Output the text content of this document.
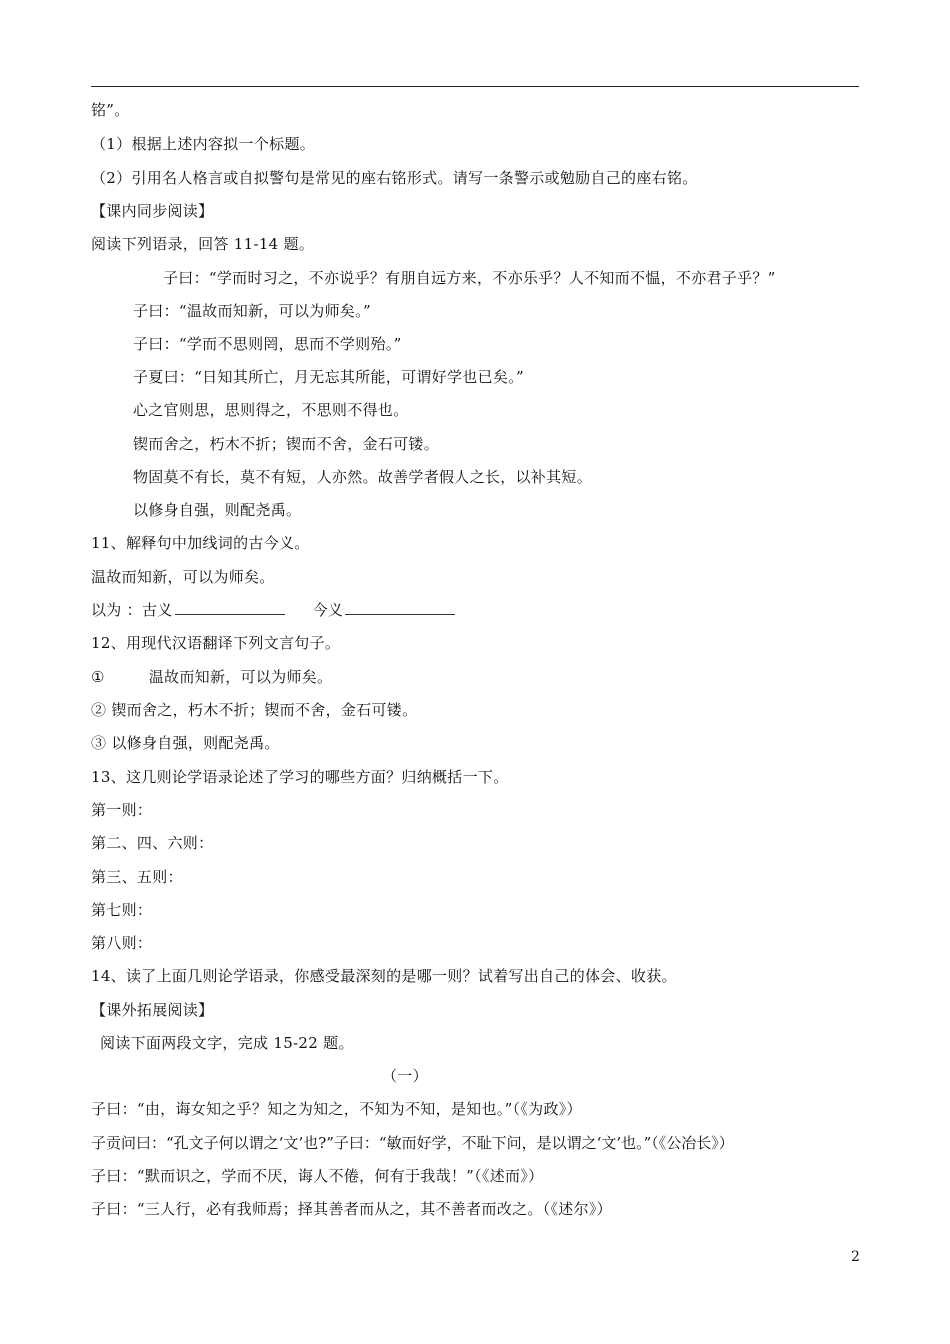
铭”。
（1）根据上述内容拟一个标题。
（2）引用名人格言或自拟警句是常见的座右铭形式。请写一条警示或勉励自己的座右铭。
【课内同步阅读】
阅读下列语录，回答 11-14 题。
子曰：“学而时习之，不亦说乎？有朋自远方来，不亦乐乎？人不知而不愠，不亦君子乎？”
子曰：“温故而知新，可以为师矣。”
子曰：“学而不思则罔，思而不学则殆。”
子夏曰：“日知其所亡，月无忘其所能，可谓好学也已矣。”
心之官则思，思则得之，不思则不得也。
锲而舍之，朽木不折；锲而不舍，金石可镂。
物固莫不有长，莫不有短，人亦然。故善学者假人之长，以补其短。
以修身自强，则配尧禹。
11、解释句中加线词的古今义。
温故而知新，可以为师矣。
以为 ：古义	今义
12、用现代汉语翻译下列文言句子。
①	温故而知新，可以为师矣。
② 锲而舍之，朽木不折；锲而不舍，金石可镂。
③ 以修身自强，则配尧禹。
13、这几则论学语录论述了学习的哪些方面？归纳概括一下。
第一则：
第二、四、六则：
第三、五则：
第七则：
第八则：
14、读了上面几则论学语录，你感受最深刻的是哪一则？试着写出自己的体会、收获。
【课外拓展阅读】
阅读下面两段文字，完成 15-22 题。
（一）
子曰：“由，诲女知之乎？知之为知之，不知为不知，是知也。”（《为政》）
子贡问曰：“孔文子何以谓之‘文’也?”子曰：“敏而好学，不耻下问，是以谓之‘文’也。”（《公冶长》）
子曰：“默而识之，学而不厌，诲人不倦，何有于我哉！”（《述而》）
子曰：“三人行，必有我师焉；择其善者而从之，其不善者而改之。（《述尔》）
2
